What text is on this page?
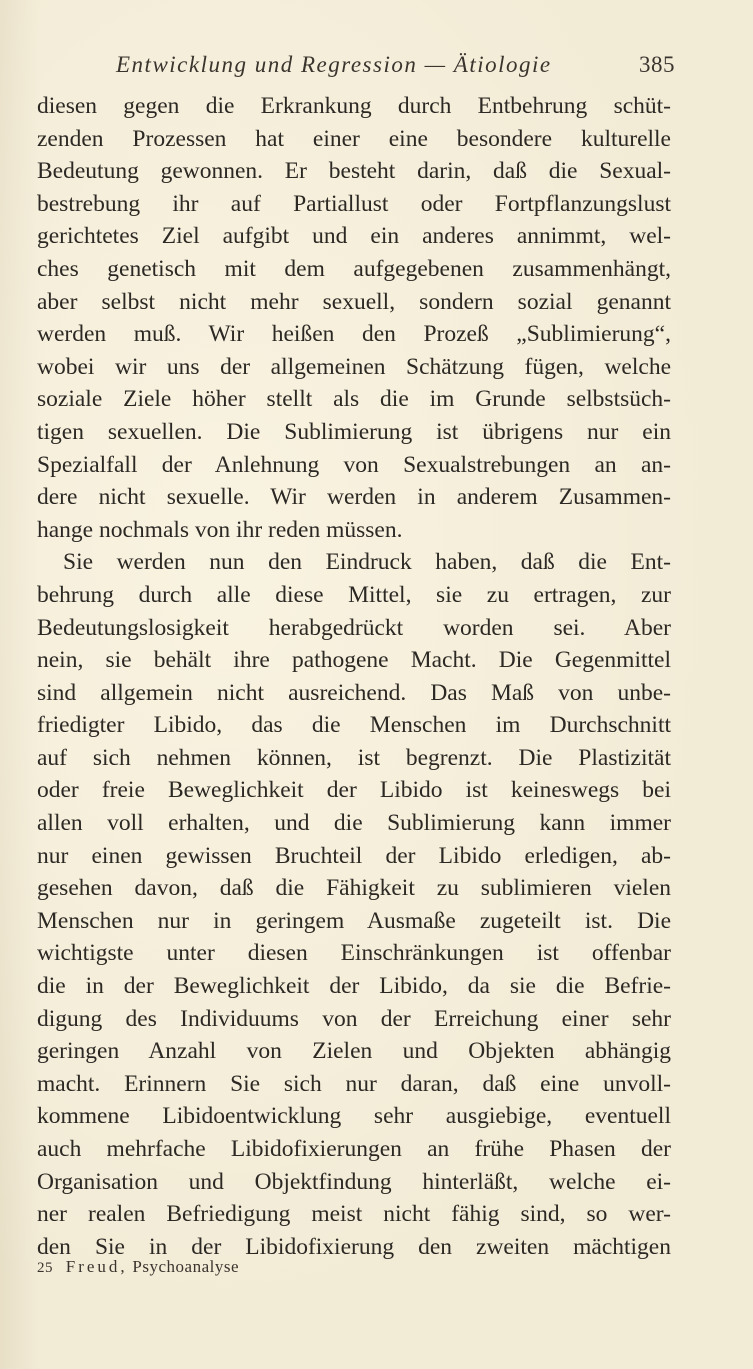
Entwicklung und Regression — Ätiologie	385
diesen gegen die Erkrankung durch Entbehrung schüt-
zenden Prozessen hat einer eine besondere kulturelle
Bedeutung gewonnen. Er besteht darin, daß die Sexual-
bestrebung ihr auf Partiallust oder Fortpflanzungslust
gerichtetes Ziel aufgibt und ein anderes annimmt, wel-
ches genetisch mit dem aufgegebenen zusammenhängt,
aber selbst nicht mehr sexuell, sondern sozial genannt
werden muß. Wir heißen den Prozeß „Sublimierung“,
wobei wir uns der allgemeinen Schätzung fügen, welche
soziale Ziele höher stellt als die im Grunde selbstsüch-
tigen sexuellen. Die Sublimierung ist übrigens nur ein
Spezialfall der Anlehnung von Sexualstrebungen an an-
dere nicht sexuelle. Wir werden in anderem Zusammen-
hange nochmals von ihr reden müssen.
Sie werden nun den Eindruck haben, daß die Ent-
behrung durch alle diese Mittel, sie zu ertragen, zur
Bedeutungslosigkeit herabgedrückt worden sei. Aber
nein, sie behält ihre pathogene Macht. Die Gegenmittel
sind allgemein nicht ausreichend. Das Maß von unbe-
friedigter Libido, das die Menschen im Durchschnitt
auf sich nehmen können, ist begrenzt. Die Plastizität
oder freie Beweglichkeit der Libido ist keineswegs bei
allen voll erhalten, und die Sublimierung kann immer
nur einen gewissen Bruchteil der Libido erledigen, ab-
gesehen davon, daß die Fähigkeit zu sublimieren vielen
Menschen nur in geringem Ausmaße zugeteilt ist. Die
wichtigste unter diesen Einschränkungen ist offenbar
die in der Beweglichkeit der Libido, da sie die Befrie-
digung des Individuums von der Erreichung einer sehr
geringen Anzahl von Zielen und Objekten abhängig
macht. Erinnern Sie sich nur daran, daß eine unvoll-
kommene Libidoentwicklung sehr ausgiebige, eventuell
auch mehrfache Libidofixierungen an frühe Phasen der
Organisation und Objektfindung hinterläßt, welche ei-
ner realen Befriedigung meist nicht fähig sind, so wer-
den Sie in der Libidofixierung den zweiten mächtigen
25 Freud, Psychoanalyse
